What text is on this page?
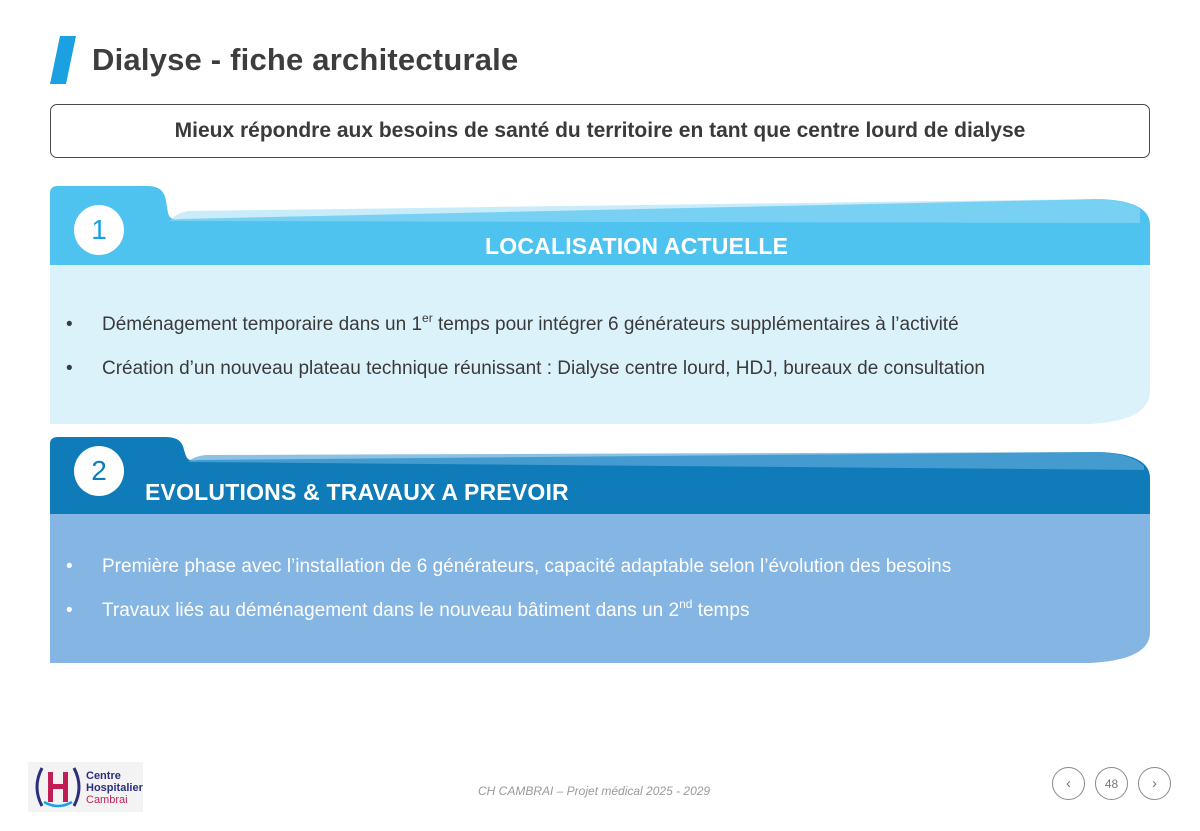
Dialyse - fiche architecturale
Mieux répondre aux besoins de santé du territoire en tant que centre lourd de dialyse
1
LOCALISATION ACTUELLE
• Déménagement temporaire dans un 1er temps pour intégrer 6 générateurs supplémentaires à l’activité
• Création d’un nouveau plateau technique réunissant : Dialyse centre lourd, HDJ, bureaux de consultation
2
EVOLUTIONS & TRAVAUX A PREVOIR
• Première phase avec l’installation de 6 générateurs, capacité adaptable selon l’évolution des besoins
• Travaux liés au déménagement dans le nouveau bâtiment dans un 2nd temps
Centre
Hospitalier
Cambrai
CH CAMBRAI – Projet médical 2025 - 2029	‹	48 ›
